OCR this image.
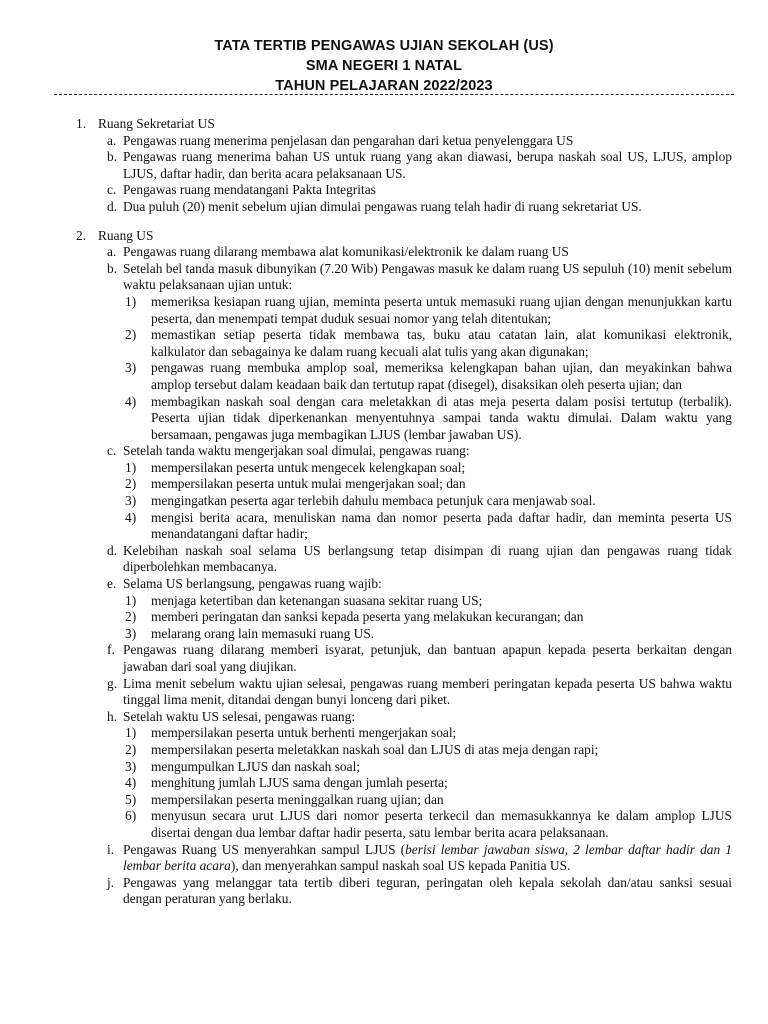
TATA TERTIB PENGAWAS UJIAN SEKOLAH (US)
SMA NEGERI 1 NATAL
TAHUN PELAJARAN 2022/2023
1. Ruang Sekretariat US
a. Pengawas ruang menerima penjelasan dan pengarahan dari ketua penyelenggara US
b. Pengawas ruang menerima bahan US untuk ruang yang akan diawasi, berupa naskah soal US, LJUS, amplop LJUS, daftar hadir, dan berita acara pelaksanaan US.
c. Pengawas ruang mendatangani Pakta Integritas
d. Dua puluh (20) menit sebelum ujian dimulai pengawas ruang telah hadir di ruang sekretariat US.
2. Ruang US
a. Pengawas ruang dilarang membawa alat komunikasi/elektronik ke dalam ruang US
b. Setelah bel tanda masuk dibunyikan (7.20 Wib) Pengawas masuk ke dalam ruang US sepuluh (10) menit sebelum waktu pelaksanaan ujian untuk:
1) memeriksa kesiapan ruang ujian, meminta peserta untuk memasuki ruang ujian dengan menunjukkan kartu peserta, dan menempati tempat duduk sesuai nomor yang telah ditentukan;
2) memastikan setiap peserta tidak membawa tas, buku atau catatan lain, alat komunikasi elektronik, kalkulator dan sebagainya ke dalam ruang kecuali alat tulis yang akan digunakan;
3) pengawas ruang membuka amplop soal, memeriksa kelengkapan bahan ujian, dan meyakinkan bahwa amplop tersebut dalam keadaan baik dan tertutup rapat (disegel), disaksikan oleh peserta ujian; dan
4) membagikan naskah soal dengan cara meletakkan di atas meja peserta dalam posisi tertutup (terbalik). Peserta ujian tidak diperkenankan menyentuhnya sampai tanda waktu dimulai. Dalam waktu yang bersamaan, pengawas juga membagikan LJUS (lembar jawaban US).
c. Setelah tanda waktu mengerjakan soal dimulai, pengawas ruang:
1) mempersilakan peserta untuk mengecek kelengkapan soal;
2) mempersilakan peserta untuk mulai mengerjakan soal; dan
3) mengingatkan peserta agar terlebih dahulu membaca petunjuk cara menjawab soal.
4) mengisi berita acara, menuliskan nama dan nomor peserta pada daftar hadir, dan meminta peserta US menandatangani daftar hadir;
d. Kelebihan naskah soal selama US berlangsung tetap disimpan di ruang ujian dan pengawas ruang tidak diperbolehkan membacanya.
e. Selama US berlangsung, pengawas ruang wajib:
1) menjaga ketertiban dan ketenangan suasana sekitar ruang US;
2) memberi peringatan dan sanksi kepada peserta yang melakukan kecurangan; dan
3) melarang orang lain memasuki ruang US.
f. Pengawas ruang dilarang memberi isyarat, petunjuk, dan bantuan apapun kepada peserta berkaitan dengan jawaban dari soal yang diujikan.
g. Lima menit sebelum waktu ujian selesai, pengawas ruang memberi peringatan kepada peserta US bahwa waktu tinggal lima menit, ditandai dengan bunyi lonceng dari piket.
h. Setelah waktu US selesai, pengawas ruang:
1) mempersilakan peserta untuk berhenti mengerjakan soal;
2) mempersilakan peserta meletakkan naskah soal dan LJUS di atas meja dengan rapi;
3) mengumpulkan LJUS dan naskah soal;
4) menghitung jumlah LJUS sama dengan jumlah peserta;
5) mempersilakan peserta meninggalkan ruang ujian; dan
6) menyusun secara urut LJUS dari nomor peserta terkecil dan memasukkannya ke dalam amplop LJUS disertai dengan dua lembar daftar hadir peserta, satu lembar berita acara pelaksanaan.
i. Pengawas Ruang US menyerahkan sampul LJUS (berisi lembar jawaban siswa, 2 lembar daftar hadir dan 1 lembar berita acara), dan menyerahkan sampul naskah soal US kepada Panitia US.
j. Pengawas yang melanggar tata tertib diberi teguran, peringatan oleh kepala sekolah dan/atau sanksi sesuai dengan peraturan yang berlaku.
